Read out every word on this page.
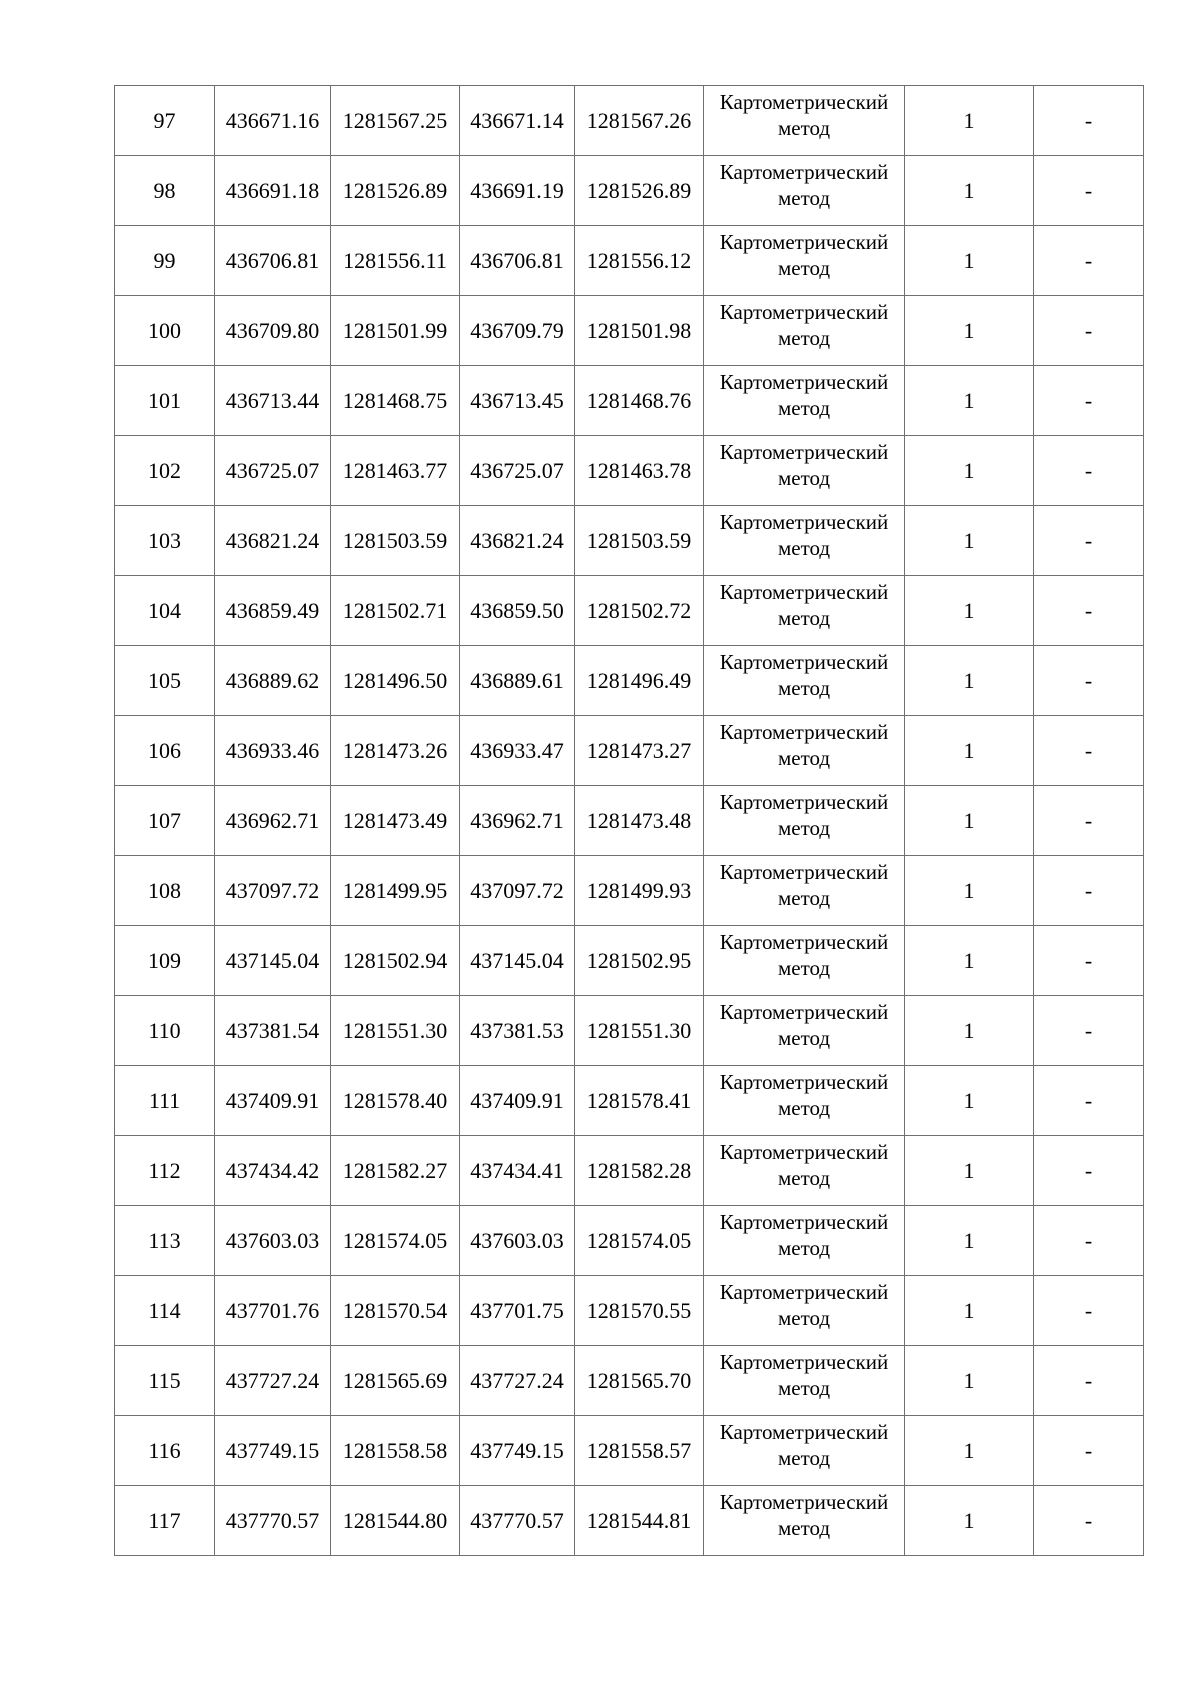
97	436671.16	1281567.25	436671.14	1281567.26	Картометрический
метод	1	-
98	436691.18	1281526.89	436691.19	1281526.89	Картометрический
метод	1	-
99	436706.81	1281556.11	436706.81	1281556.12	Картометрический
метод	1	-
100	436709.80	1281501.99	436709.79	1281501.98	Картометрический
метод	1	-
101	436713.44	1281468.75	436713.45	1281468.76	Картометрический
метод	1	-
102	436725.07	1281463.77	436725.07	1281463.78	Картометрический
метод	1	-
103	436821.24	1281503.59	436821.24	1281503.59	Картометрический
метод	1	-
104	436859.49	1281502.71	436859.50	1281502.72	Картометрический
метод	1	-
105	436889.62	1281496.50	436889.61	1281496.49	Картометрический
метод	1	-
106	436933.46	1281473.26	436933.47	1281473.27	Картометрический
метод	1	-
107	436962.71	1281473.49	436962.71	1281473.48	Картометрический
метод	1	-
108	437097.72	1281499.95	437097.72	1281499.93	Картометрический
метод	1	-
109	437145.04	1281502.94	437145.04	1281502.95	Картометрический
метод	1	-
110	437381.54	1281551.30	437381.53	1281551.30	Картометрический
метод	1	-
111	437409.91	1281578.40	437409.91	1281578.41	Картометрический
метод	1	-
112	437434.42	1281582.27	437434.41	1281582.28	Картометрический
метод	1	-
113	437603.03	1281574.05	437603.03	1281574.05	Картометрический
метод	1	-
114	437701.76	1281570.54	437701.75	1281570.55	Картометрический
метод	1	-
115	437727.24	1281565.69	437727.24	1281565.70	Картометрический
метод	1	-
116	437749.15	1281558.58	437749.15	1281558.57	Картометрический
метод	1	-
117	437770.57	1281544.80	437770.57	1281544.81	Картометрический
метод	1	-
